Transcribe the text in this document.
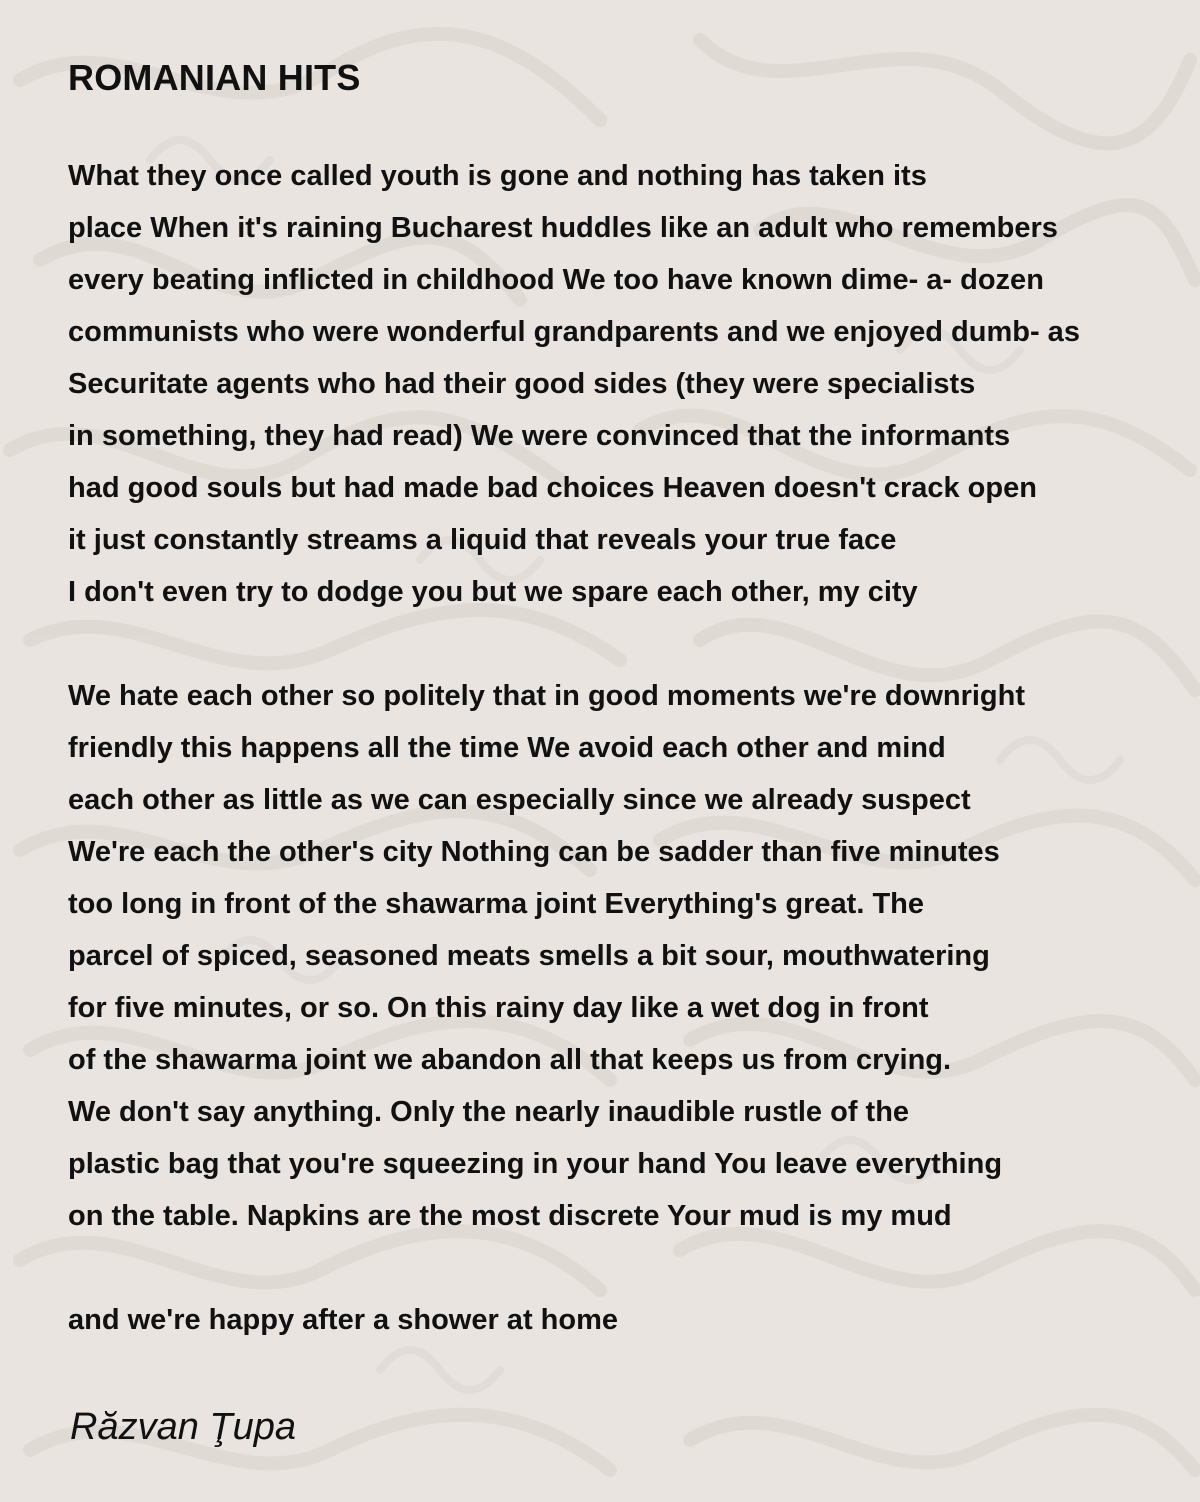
ROMANIAN HITS
What they once called youth is gone and nothing has taken its
place When it's raining Bucharest huddles like an adult who remembers
every beating inflicted in childhood We too have known dime- a- dozen
communists who were wonderful grandparents and we enjoyed dumb- as
Securitate agents who had their good sides (they were specialists
in something, they had read) We were convinced that the informants
had good souls but had made bad choices Heaven doesn't crack open
it just constantly streams a liquid that reveals your true face
I don't even try to dodge you but we spare each other, my city
We hate each other so politely that in good moments we're downright
friendly this happens all the time We avoid each other and mind
each other as little as we can especially since we already suspect
We're each the other's city Nothing can be sadder than five minutes
too long in front of the shawarma joint Everything's great. The
parcel of spiced, seasoned meats smells a bit sour, mouthwatering
for five minutes, or so. On this rainy day like a wet dog in front
of the shawarma joint we abandon all that keeps us from crying.
We don't say anything. Only the nearly inaudible rustle of the
plastic bag that you're squeezing in your hand You leave everything
on the table. Napkins are the most discrete Your mud is my mud
and we're happy after a shower at home
Răzvan Ţupa
